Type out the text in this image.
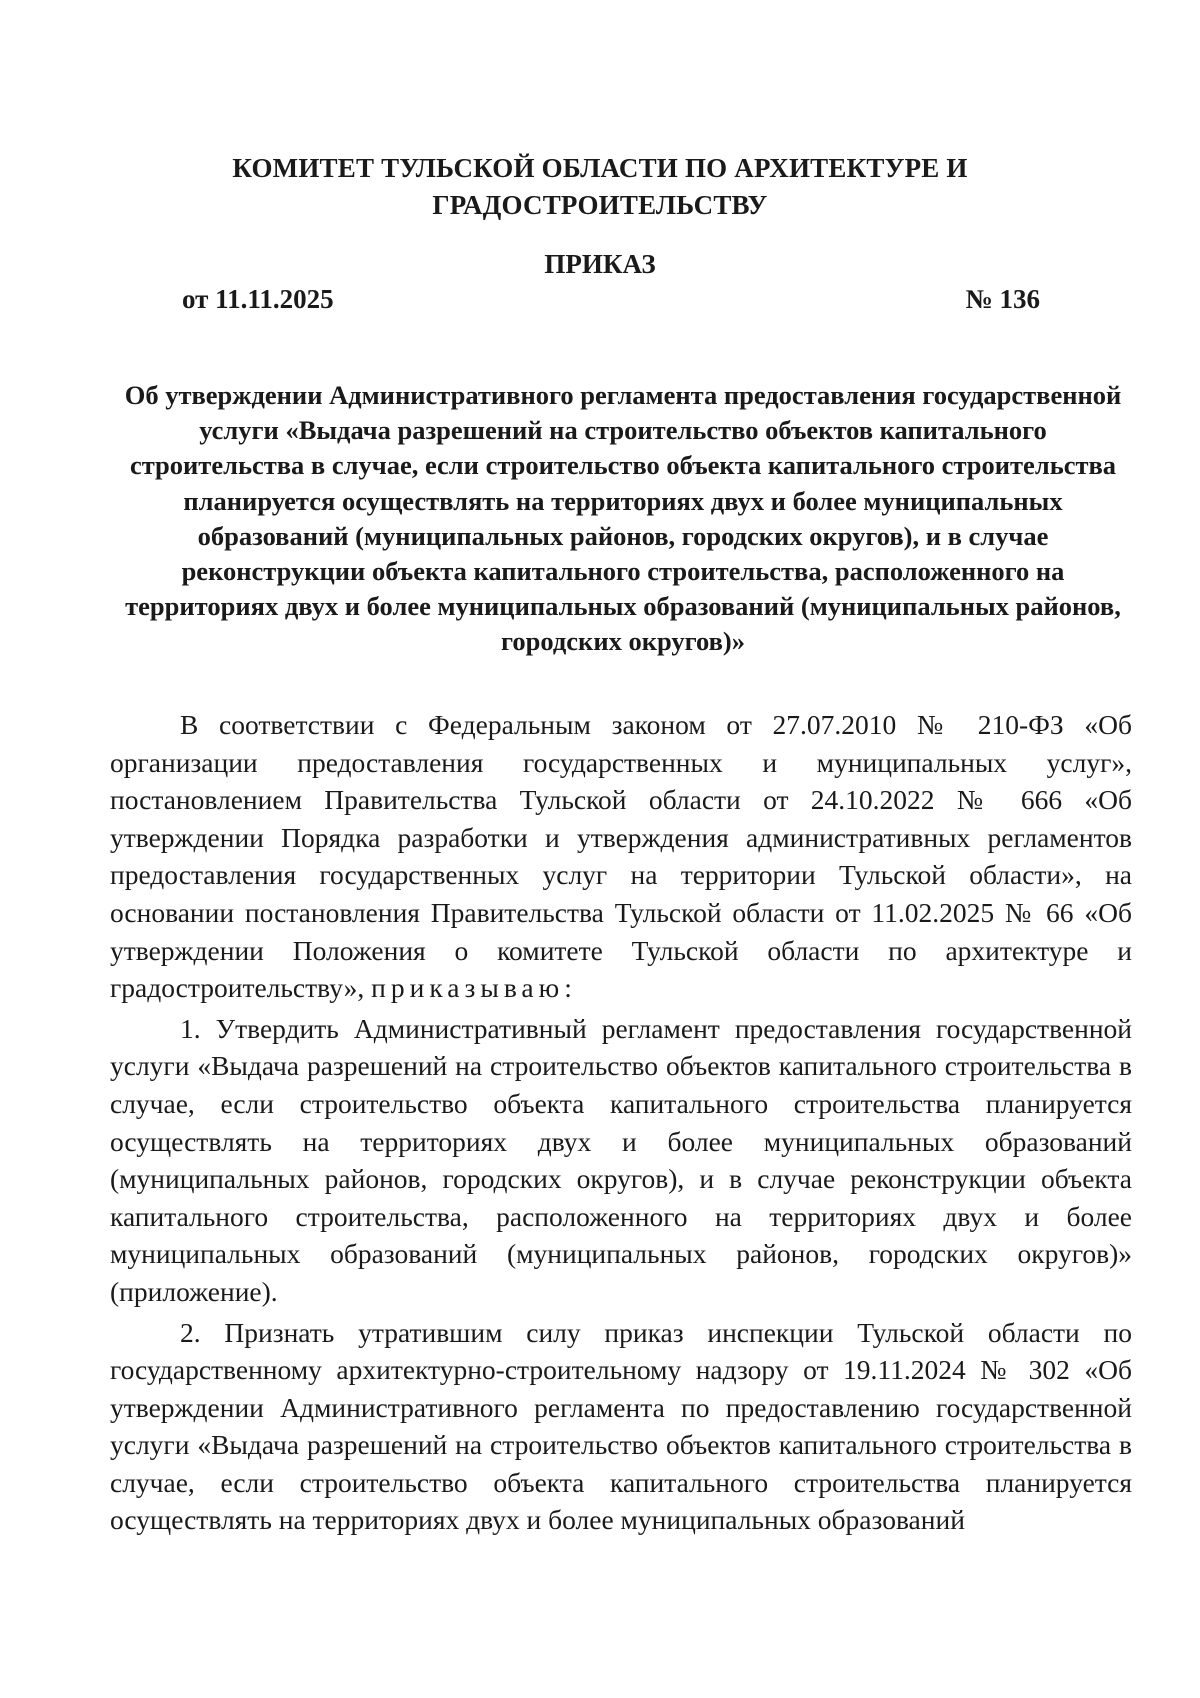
КОМИТЕТ ТУЛЬСКОЙ ОБЛАСТИ ПО АРХИТЕКТУРЕ И
ГРАДОСТРОИТЕЛЬСТВУ
ПРИКАЗ
от 11.11.2025	№ 136
Об утверждении Административного регламента предоставления государственной услуги «Выдача разрешений на строительство объектов капитального строительства в случае, если строительство объекта капитального строительства планируется осуществлять на территориях двух и более муниципальных образований (муниципальных районов, городских округов), и в случае реконструкции объекта капитального строительства, расположенного на территориях двух и более муниципальных образований (муниципальных районов, городских округов)»

В соответствии с Федеральным законом от 27.07.2010 № 210-ФЗ «Об организации предоставления государственных и муниципальных услуг», постановлением Правительства Тульской области от 24.10.2022 № 666 «Об утверждении Порядка разработки и утверждения административных регламентов предоставления государственных услуг на территории Тульской области», на основании постановления Правительства Тульской области от 11.02.2025 № 66 «Об утверждении Положения о комитете Тульской области по архитектуре и градостроительству», приказываю:

1. Утвердить Административный регламент предоставления государственной услуги «Выдача разрешений на строительство объектов капитального строительства в случае, если строительство объекта капитального строительства планируется осуществлять на территориях двух и более муниципальных образований (муниципальных районов, городских округов), и в случае реконструкции объекта капитального строительства, расположенного на территориях двух и более муниципальных образований (муниципальных районов, городских округов)» (приложение).

2. Признать утратившим силу приказ инспекции Тульской области по государственному архитектурно-строительному надзору от 19.11.2024 № 302 «Об утверждении Административного регламента по предоставлению государственной услуги «Выдача разрешений на строительство объектов капитального строительства в случае, если строительство объекта капитального строительства планируется осуществлять на территориях двух и более муниципальных образований
